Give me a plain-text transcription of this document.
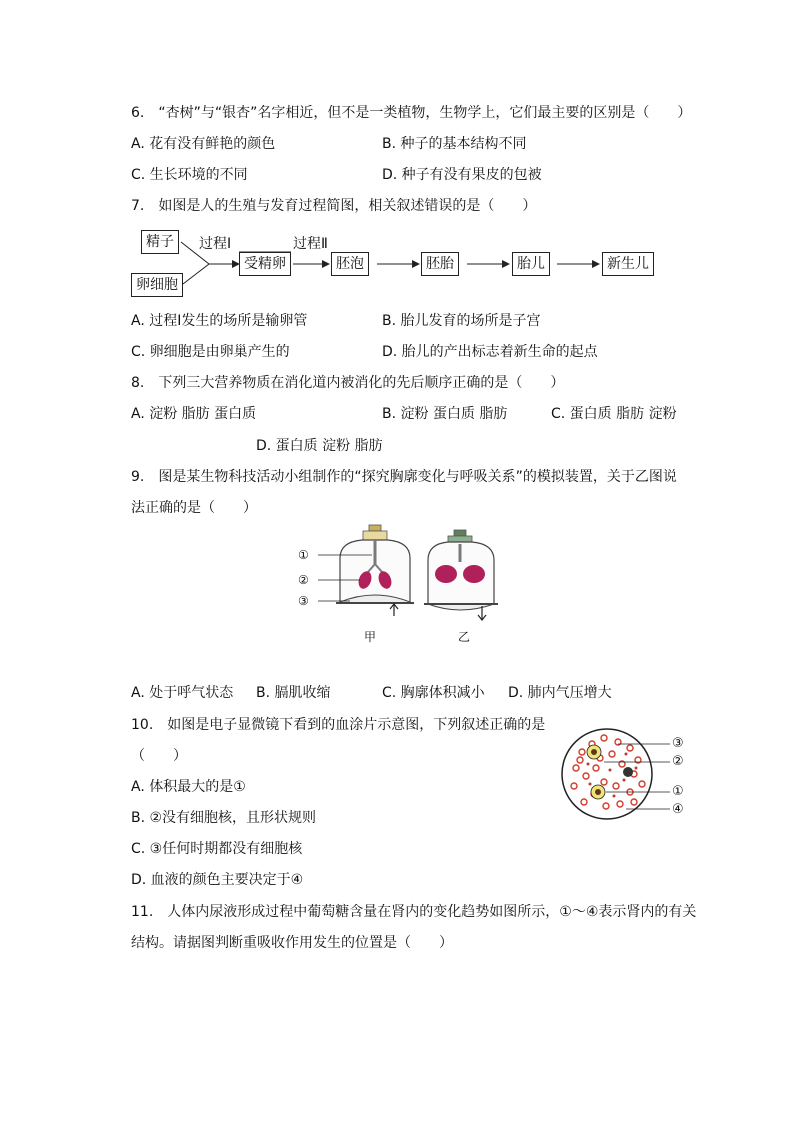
6.　“杏树”与“银杏”名字相近，但不是一类植物，生物学上，它们最主要的区别是（　　）
A. 花有没有鲜艳的颜色	B. 种子的基本结构不同
C. 生长环境的不同	D. 种子有没有果皮的包被
7.　如图是人的生殖与发育过程简图，相关叙述错误的是（　　）
精子
卵细胞
过程Ⅰ	过程Ⅱ
受精卵	胚泡	胚胎	胎儿	新生儿
A. 过程Ⅰ发生的场所是输卵管	B. 胎儿发育的场所是子宫
C. 卵细胞是由卵巢产生的	D. 胎儿的产出标志着新生命的起点
8.　下列三大营养物质在消化道内被消化的先后顺序正确的是（　　）
A. 淀粉 脂肪 蛋白质	B. 淀粉 蛋白质 脂肪	C. 蛋白质 脂肪 淀粉
D. 蛋白质 淀粉 脂肪
9.　图是某生物科技活动小组制作的“探究胸廓变化与呼吸关系”的模拟装置，关于乙图说
法正确的是（　　）
①
②
③
甲	乙
A. 处于呼气状态 B. 膈肌收缩	C. 胸廓体积减小 D. 肺内气压增大
10.　如图是电子显微镜下看到的血涂片示意图，下列叙述正确的是
（　　）
A. 体积最大的是①
B. ②没有细胞核，且形状规则
C. ③任何时期都没有细胞核
D. 血液的颜色主要决定于④
③
②
①
④
11.　人体内尿液形成过程中葡萄糖含量在肾内的变化趋势如图所示，①～④表示肾内的有关
结构。请据图判断重吸收作用发生的位置是（　　）
